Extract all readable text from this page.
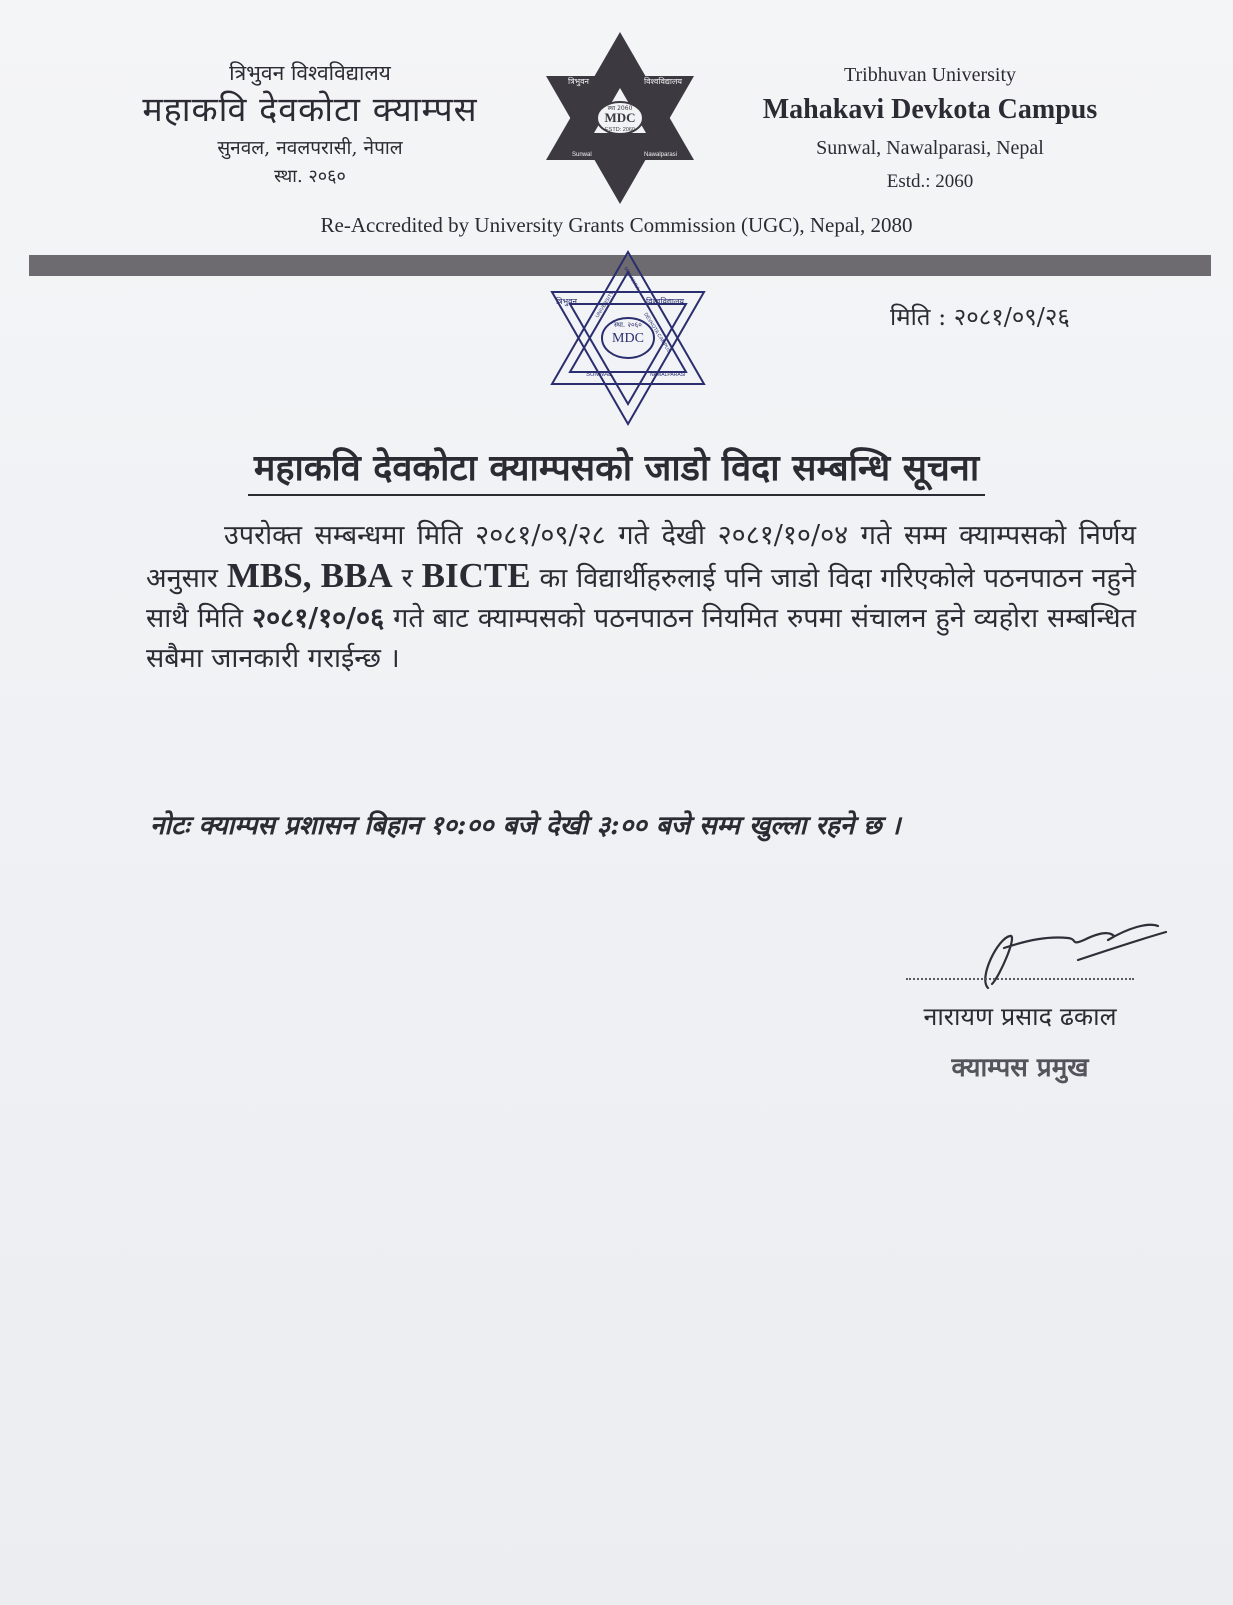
त्रिभुवन विश्वविद्यालय
महाकवि देवकोटा क्याम्पस
सुनवल, नवलपरासी, नेपाल
स्था. २०६०
स्था 2060
MDC
ESTD: 2060
त्रिभुवन	विश्वविद्यालय
Sunwal	Nawalparasi
Tribhuvan University
Mahakavi Devkota Campus
Sunwal, Nawalparasi, Nepal
Estd.: 2060
Re-Accredited by University Grants Commission (UGC), Nepal, 2080
स्था. २०६०
MDC
त्रिभुवन	विश्वविद्यालय
SUNWAL	NAWALPARASI
UNIVERSITY
DEVKOTA CAMPUS
MAHAKAVI
मिति : २०८१/०९/२६
महाकवि देवकोटा क्याम्पसको जाडो विदा सम्बन्धि सूचना
उपरोक्त सम्बन्धमा मिति २०८१/०९/२८ गते देखी २०८१/१०/०४ गते सम्म क्याम्पसको निर्णय अनुसार MBS, BBA र BICTE का विद्यार्थीहरुलाई पनि जाडो विदा गरिएकोले पठनपाठन नहुने साथै मिति २०८१/१०/०६ गते बाट क्याम्पसको पठनपाठन नियमित रुपमा संचालन हुने व्यहोरा सम्बन्धित सबैमा जानकारी गराईन्छ ।
नोटः क्याम्पस प्रशासन बिहान १०:०० बजे देखी ३:०० बजे सम्म खुल्ला रहने छ ।
नारायण प्रसाद ढकाल
क्याम्पस प्रमुख
